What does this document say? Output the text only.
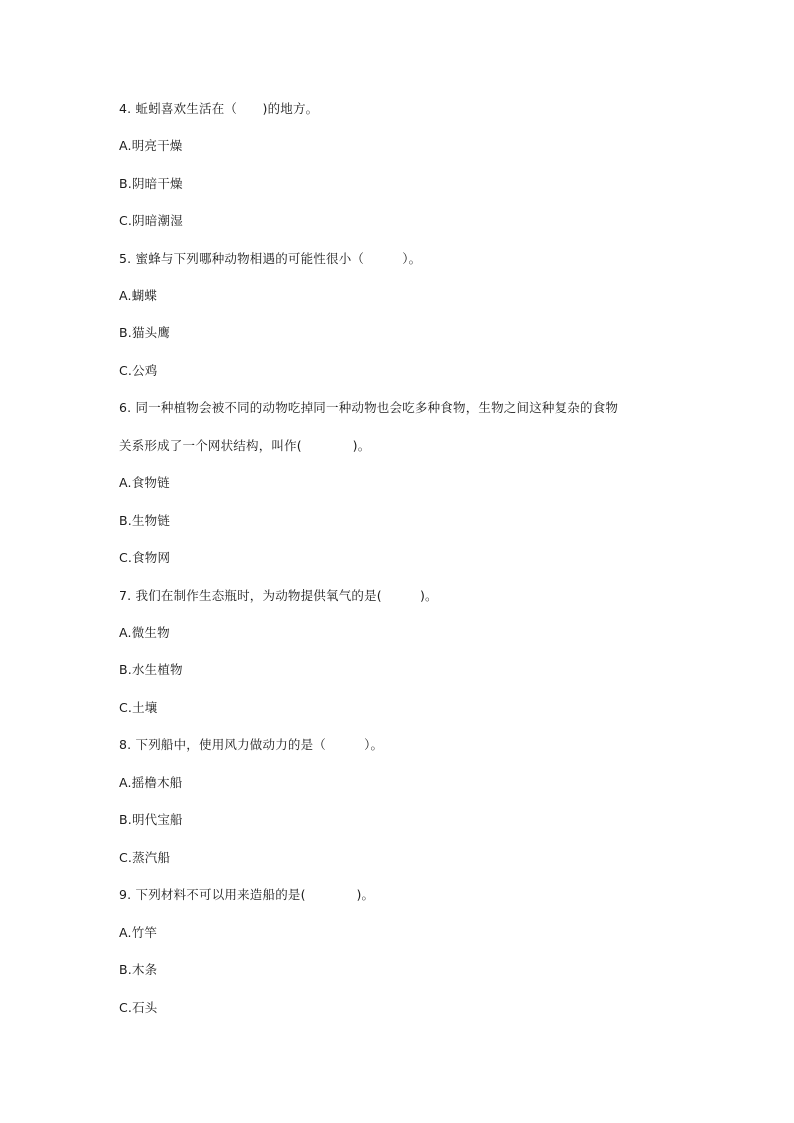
4. 蚯蚓喜欢生活在（　　)的地方。
A.明亮干燥
B.阴暗干燥
C.阴暗潮湿
5. 蜜蜂与下列哪种动物相遇的可能性很小（　　　）。
A.蝴蝶
B.猫头鹰
C.公鸡
6. 同一种植物会被不同的动物吃掉同一种动物也会吃多种食物，生物之间这种复杂的食物
关系形成了一个网状结构，叫作(　　　　)。
A.食物链
B.生物链
C.食物网
7. 我们在制作生态瓶时，为动物提供氧气的是(　　　)。
A.微生物
B.水生植物
C.土壤
8. 下列船中，使用风力做动力的是（　　　）。
A.摇橹木船
B.明代宝船
C.蒸汽船
9. 下列材料不可以用来造船的是(　　　　)。
A.竹竿
B.木条
C.石头
